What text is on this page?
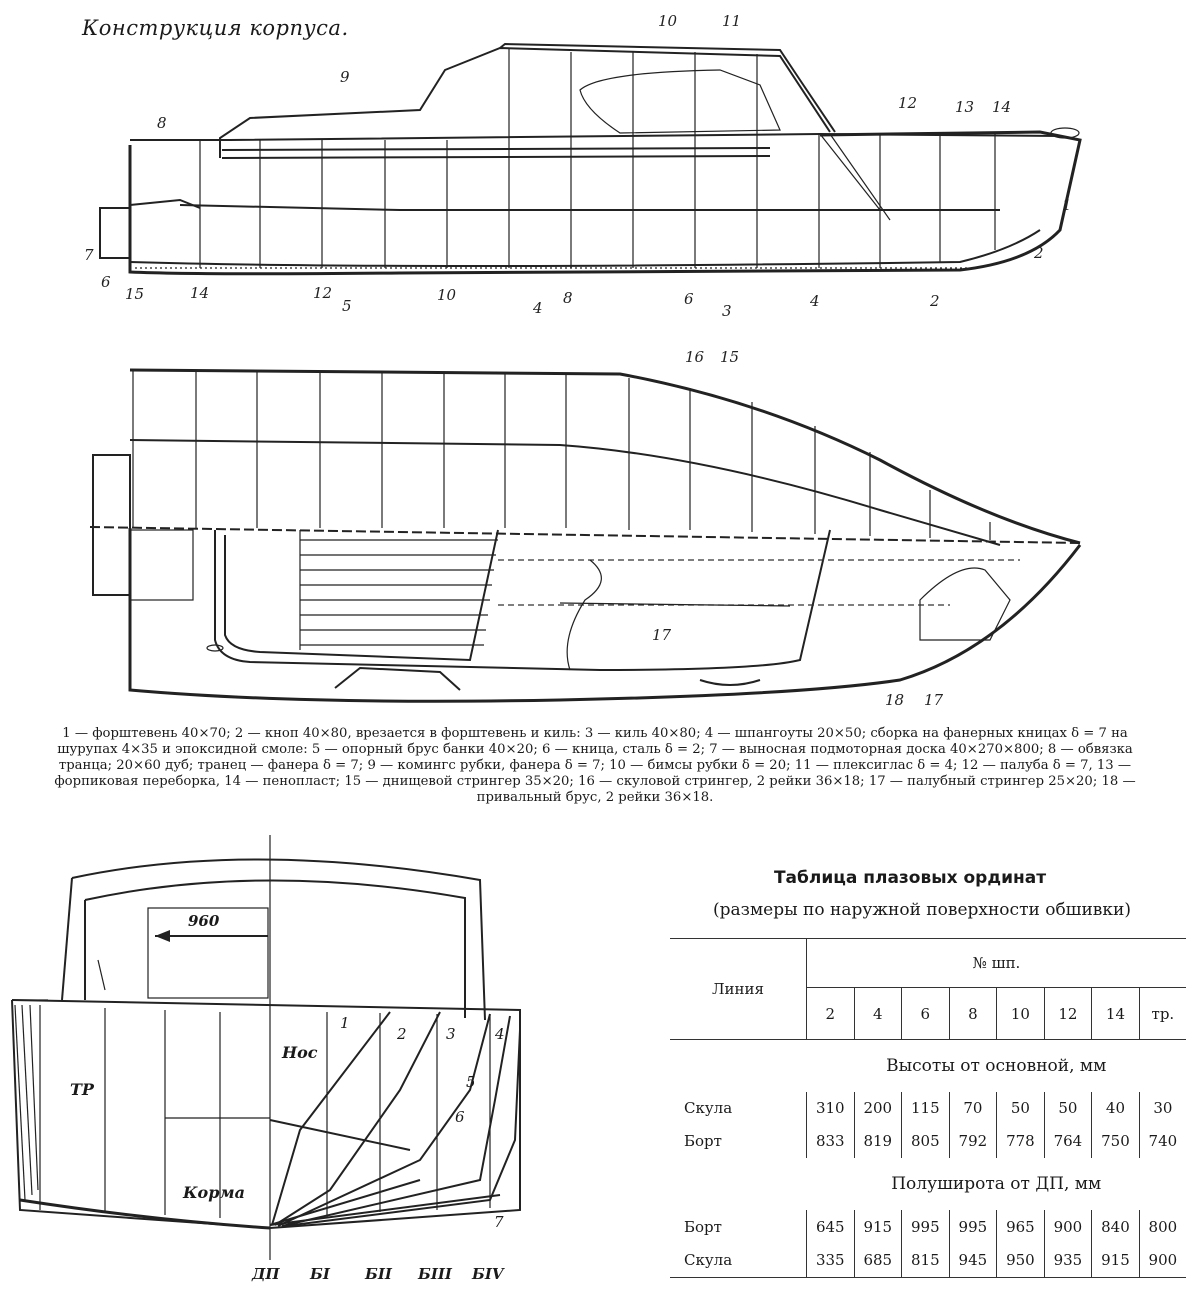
Конструкция корпуса.	10	11
9
8
12	13 14
1
2
7
6
15	14	12
5
10
4
8	6
3
4	2
16 15
17
18 17
960
Нос
Корма
ТР
1
2	3	4
5
6
7
ДП БI БII БIII БIV
1 — форштевень 40×70; 2 — кноп 40×80, врезается в форштевень и киль: 3 — киль 40×80; 4 — шпангоуты 20×50; сборка на фанерных кницах δ = 7 на шурупах 4×35 и эпоксидной смоле: 5 — опорный брус банки 40×20; 6 — кница, сталь δ = 2; 7 — выносная подмоторная доска 40×270×800; 8 — обвязка транца; 20×60 дуб; транец — фанера δ = 7; 9 — комингс рубки, фанера δ = 7; 10 — бимсы рубки δ = 20; 11 — плексиглас δ = 4; 12 — палуба δ = 7, 13 — форпиковая переборка, 14 — пенопласт; 15 — днищевой стрингер 35×20; 16 — скуловой стрингер, 2 рейки 36×18; 17 — палубный стрингер 25×20; 18 — привальный брус, 2 рейки 36×18.
Таблица плазовых ординат
(размеры по наружной поверхности обшивки)
Линия	№ шп.							
	2	4	6	8	10	12	14	тр.
	Высоты от основной, мм							
Скула	310	200	115	70	50	50	40	30
Борт	833	819	805	792	778	764	750	740
	Полуширота от ДП, мм							
Борт	645	915	995	995	965	900	840	800
Скула	335	685	815	945	950	935	915	900
